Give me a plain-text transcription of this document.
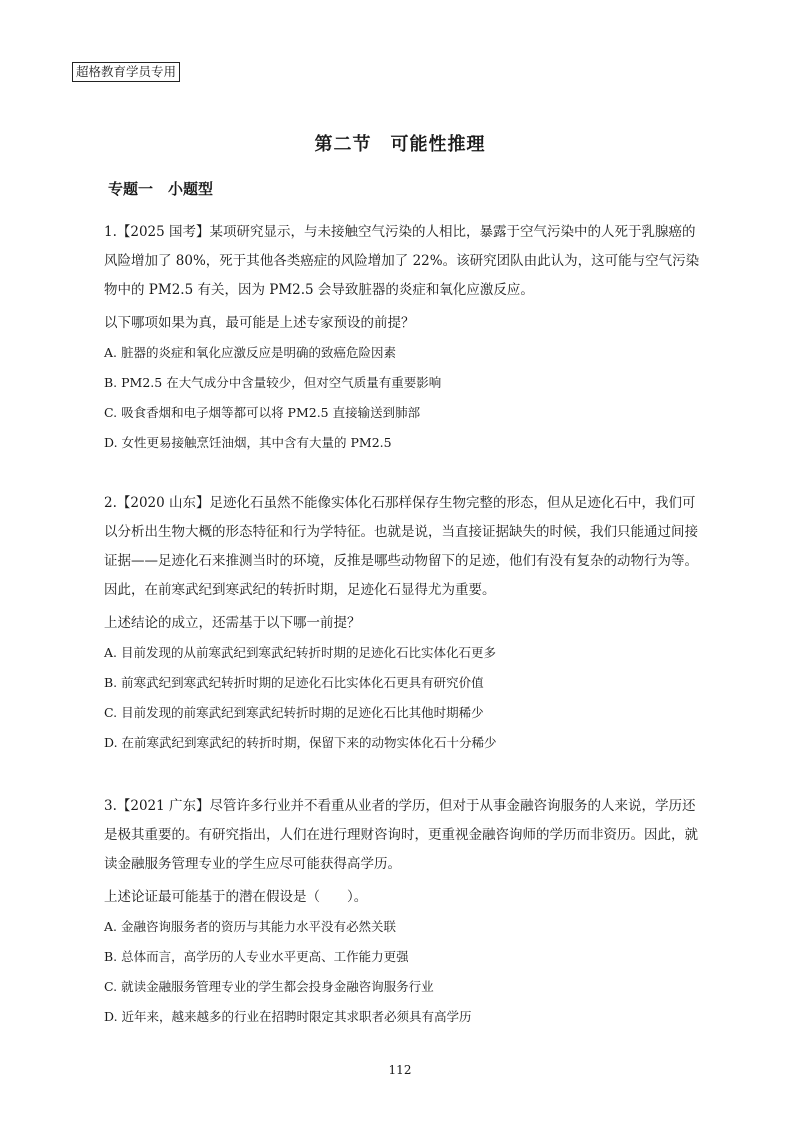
超格教育学员专用
第二节　可能性推理
专题一　小题型

1.【2025 国考】某项研究显示，与未接触空气污染的人相比，暴露于空气污染中的人死于乳腺癌的风险增加了 80%，死于其他各类癌症的风险增加了 22%。该研究团队由此认为，这可能与空气污染物中的 PM2.5 有关，因为 PM2.5 会导致脏器的炎症和氧化应激反应。

以下哪项如果为真，最可能是上述专家预设的前提？

A. 脏器的炎症和氧化应激反应是明确的致癌危险因素
B. PM2.5 在大气成分中含量较少，但对空气质量有重要影响
C. 吸食香烟和电子烟等都可以将 PM2.5 直接输送到肺部
D. 女性更易接触烹饪油烟，其中含有大量的 PM2.5

2.【2020 山东】足迹化石虽然不能像实体化石那样保存生物完整的形态，但从足迹化石中，我们可以分析出生物大概的形态特征和行为学特征。也就是说，当直接证据缺失的时候，我们只能通过间接证据——足迹化石来推测当时的环境，反推是哪些动物留下的足迹，他们有没有复杂的动物行为等。因此，在前寒武纪到寒武纪的转折时期，足迹化石显得尤为重要。

上述结论的成立，还需基于以下哪一前提？

A. 目前发现的从前寒武纪到寒武纪转折时期的足迹化石比实体化石更多
B. 前寒武纪到寒武纪转折时期的足迹化石比实体化石更具有研究价值
C. 目前发现的前寒武纪到寒武纪转折时期的足迹化石比其他时期稀少
D. 在前寒武纪到寒武纪的转折时期，保留下来的动物实体化石十分稀少

3.【2021 广东】尽管许多行业并不看重从业者的学历，但对于从事金融咨询服务的人来说，学历还是极其重要的。有研究指出，人们在进行理财咨询时，更重视金融咨询师的学历而非资历。因此，就读金融服务管理专业的学生应尽可能获得高学历。

上述论证最可能基于的潜在假设是（　　）。

A. 金融咨询服务者的资历与其能力水平没有必然关联
B. 总体而言，高学历的人专业水平更高、工作能力更强
C. 就读金融服务管理专业的学生都会投身金融咨询服务行业
D. 近年来，越来越多的行业在招聘时限定其求职者必须具有高学历
112
